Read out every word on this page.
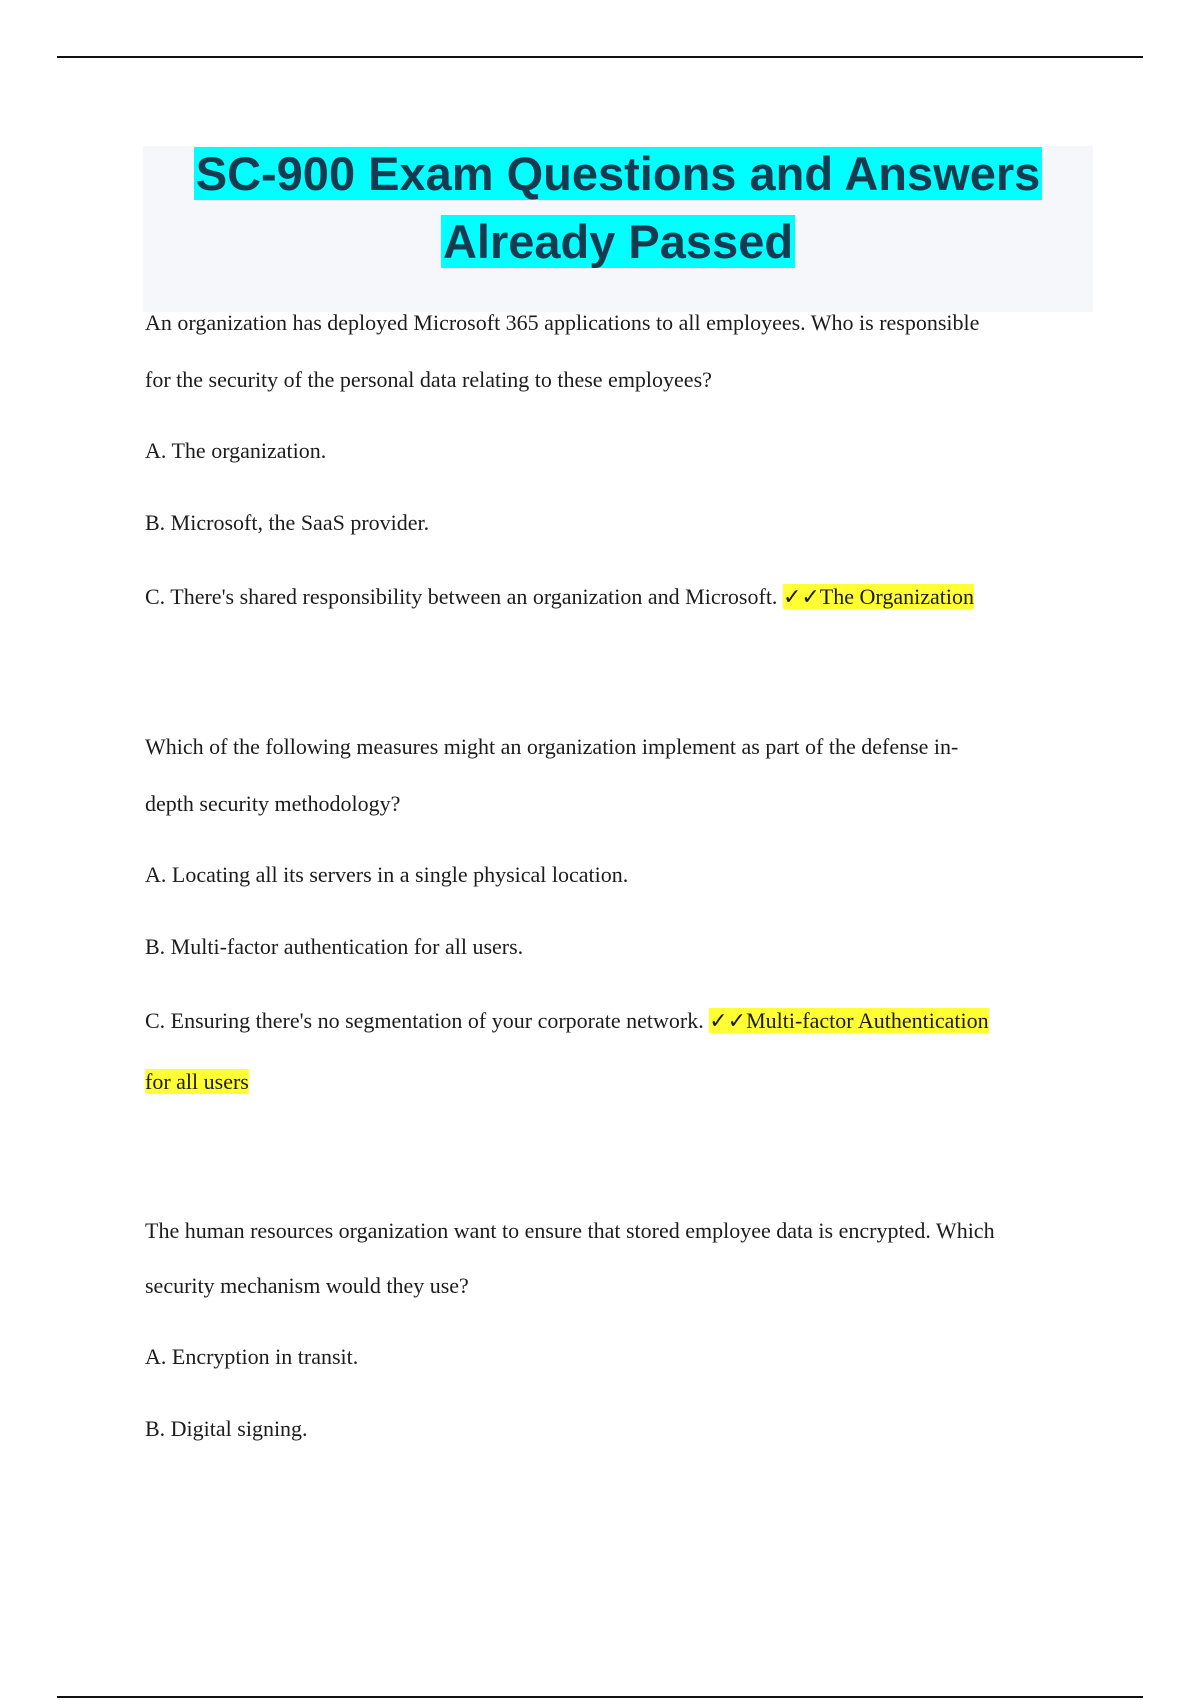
SC-900 Exam Questions and Answers
Already Passed
An organization has deployed Microsoft 365 applications to all employees. Who is responsible
for the security of the personal data relating to these employees?
A. The organization.
B. Microsoft, the SaaS provider.
C. There's shared responsibility between an organization and Microsoft. ✓✓The Organization
Which of the following measures might an organization implement as part of the defense in-
depth security methodology?
A. Locating all its servers in a single physical location.
B. Multi-factor authentication for all users.
C. Ensuring there's no segmentation of your corporate network. ✓✓Multi-factor Authentication
for all users
The human resources organization want to ensure that stored employee data is encrypted. Which
security mechanism would they use?
A. Encryption in transit.
B. Digital signing.
